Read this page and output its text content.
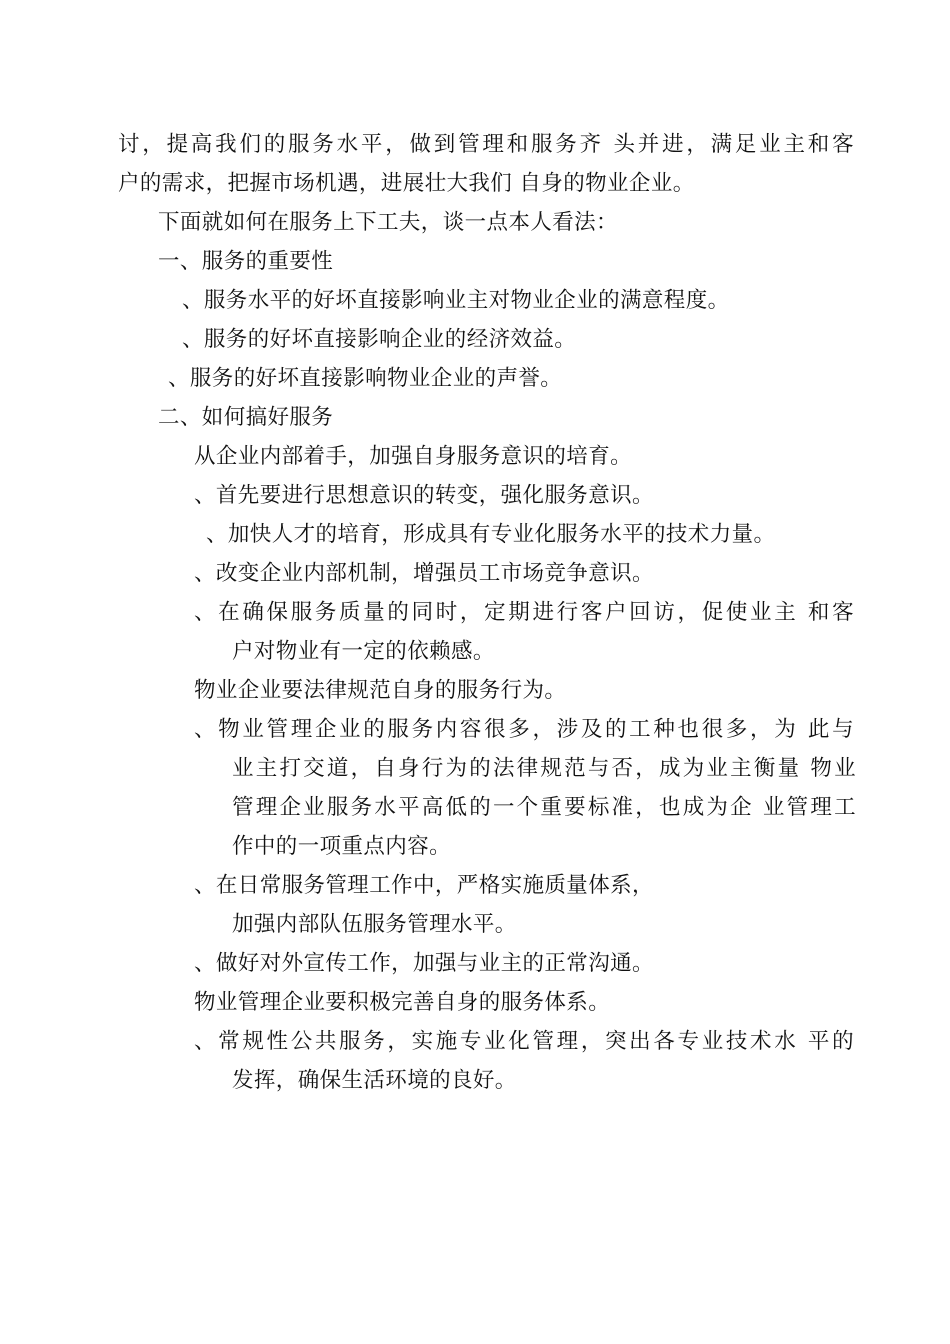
讨，提高我们的服务水平，做到管理和服务齐 头并进，满足业主和客
户的需求，把握市场机遇，进展壮大我们 自身的物业企业。
下面就如何在服务上下工夫，谈一点本人看法：
一、服务的重要性
、服务水平的好坏直接影响业主对物业企业的满意程度。
、服务的好坏直接影响企业的经济效益。
、服务的好坏直接影响物业企业的声誉。
二、如何搞好服务
从企业内部着手，加强自身服务意识的培育。
、首先要进行思想意识的转变，强化服务意识。
、加快人才的培育，形成具有专业化服务水平的技术力量。
、改变企业内部机制，增强员工市场竞争意识。
、在确保服务质量的同时，定期进行客户回访，促使业主 和客
户对物业有一定的依赖感。
物业企业要法律规范自身的服务行为。
、物业管理企业的服务内容很多，涉及的工种也很多，为 此与
业主打交道，自身行为的法律规范与否，成为业主衡量 物业
管理企业服务水平高低的一个重要标准，也成为企 业管理工
作中的一项重点内容。
、在日常服务管理工作中，严格实施质量体系，
加强内部队伍服务管理水平。
、做好对外宣传工作，加强与业主的正常沟通。
物业管理企业要积极完善自身的服务体系。
、常规性公共服务，实施专业化管理，突出各专业技术水 平的
发挥，确保生活环境的良好。
